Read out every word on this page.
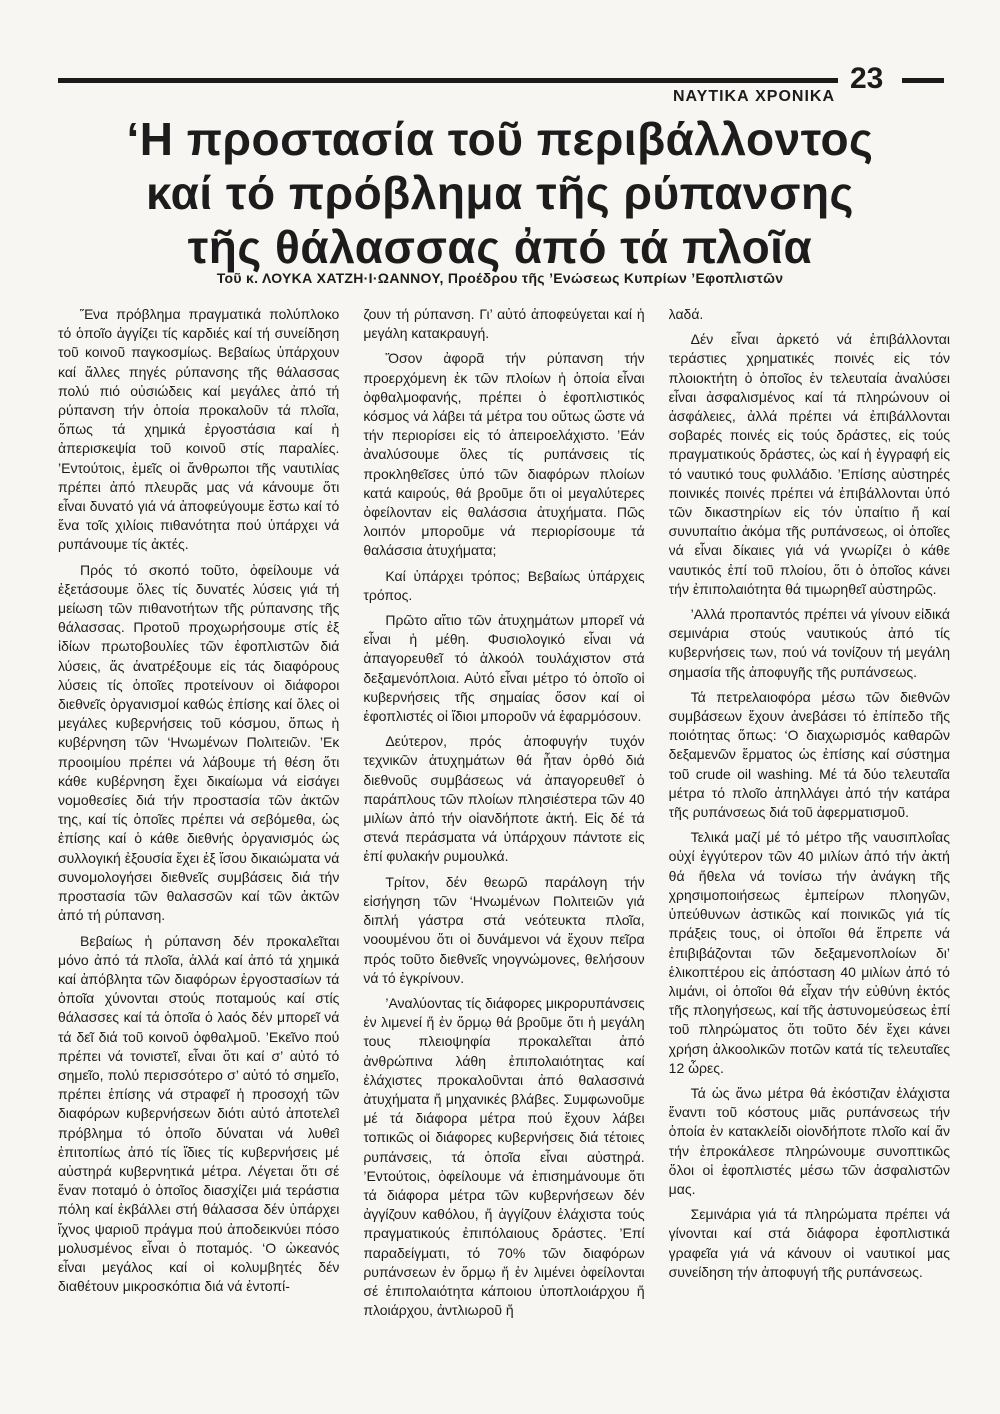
ΝΑΥΤΙΚΑ ΧΡΟΝΙΚΑ
23
‘Η προστασία τοῦ περιβάλλοντος
καί τό πρόβλημα τῆς ρύπανσης
τῆς θάλασσας ἀπό τά πλοῖα
Τοῦ κ. ΛΟΥΚΑ ΧΑΤΖΗ·Ι·ΩΑΝΝΟΥ, Προέδρου τῆς ’Ενώσεως Κυπρίων ’Εφοπλιστῶν

Ἕνα πρόβλημα πραγματικά πολύπλοκο τό ὁποῖο ἀγγίζει τίς καρδιές καί τή συνείδηση τοῦ κοινοῦ παγκοσμίως. Βεβαίως ὑπάρχουν καί ἄλλες πηγές ρύπανσης τῆς θάλασσας πολύ πιό οὐσιώδεις καί μεγάλες ἀπό τή ρύπανση τήν ὁποία προκαλοῦν τά πλοῖα, ὅπως τά χημικά ἐργοστάσια καί ἡ ἀπερισκεψία τοῦ κοινοῦ στίς παραλίες. ’Εντούτοις, ἐμεῖς οἱ ἄνθρωποι τῆς ναυτιλίας πρέπει ἀπό πλευρᾶς μας νά κάνουμε ὅτι εἶναι δυνατό γιά νά ἀποφεύγουμε ἔστω καί τό ἕνα τοῖς χιλίοις πιθανότητα πού ὑπάρχει νά ρυπάνουμε τίς ἀκτές.

Πρός τό σκοπό τοῦτο, ὀφείλουμε νά ἐξετάσουμε ὅλες τίς δυνατές λύσεις γιά τή μείωση τῶν πιθανοτήτων τῆς ρύπανσης τῆς θάλασσας. Προτοῦ προχωρήσουμε στίς ἐξ ἰδίων πρωτοβουλίες τῶν ἐφοπλιστῶν διά λύσεις, ἄς ἀνατρέξουμε εἰς τάς διαφόρους λύσεις τίς ὁποῖες προτείνουν οἱ διάφοροι διεθνεῖς ὀργανισμοί καθώς ἐπίσης καί ὅλες οἱ μεγάλες κυβερνήσεις τοῦ κόσμου, ὅπως ἡ κυβέρνηση τῶν ‘Ηνωμένων Πολιτειῶν. ’Εκ προοιμίου πρέπει νά λάβουμε τή θέση ὅτι κάθε κυβέρνηση ἔχει δικαίωμα νά εἰσάγει νομοθεσίες διά τήν προστασία τῶν ἀκτῶν της, καί τίς ὁποῖες πρέπει νά σεβόμεθα, ὡς ἐπίσης καί ὁ κάθε διεθνής ὀργανισμός ὡς συλλογική ἐξουσία ἔχει ἐξ ἴσου δικαιώματα νά συνομολογήσει διεθνεῖς συμβάσεις διά τήν προστασία τῶν θαλασσῶν καί τῶν ἀκτῶν ἀπό τή ρύπανση.

Βεβαίως ἡ ρύπανση δέν προκαλεῖται μόνο ἀπό τά πλοῖα, ἀλλά καί ἀπό τά χημικά καί ἀπόβλητα τῶν διαφόρων ἐργοστασίων τά ὁποῖα χύνονται στούς ποταμούς καί στίς θάλασσες καί τά ὁποῖα ὁ λαός δέν μπορεῖ νά τά δεῖ διά τοῦ κοινοῦ ὀφθαλμοῦ. ’Εκεῖνο πού πρέπει νά τονιστεῖ, εἶναι ὅτι καί σ’ αὐτό τό σημεῖο, πολύ περισσότερο σ’ αὐτό τό σημεῖο, πρέπει ἐπίσης νά στραφεῖ ἡ προσοχή τῶν διαφόρων κυβερνήσεων διότι αὐτό ἀποτελεῖ πρόβλημα τό ὁποῖο δύναται νά λυθεῖ ἐπιτοπίως ἀπό τίς ἴδιες τίς κυβερνήσεις μέ αὐστηρά κυβερνητικά μέτρα. Λέγεται ὅτι σέ ἕναν ποταμό ὁ ὁποῖος διασχίζει μιά τεράστια πόλη καί ἐκβάλλει στή θάλασσα δέν ὑπάρχει ἴχνος ψαριοῦ πράγμα πού ἀποδεικνύει πόσο μολυσμένος εἶναι ὁ ποταμός. ‘Ο ὠκεανός εἶναι μεγάλος καί οἱ κολυμβητές δέν διαθέτουν μικροσκόπια διά νά ἐντοπί-

ζουν τή ρύπανση. Γι’ αὐτό ἀποφεύγεται καί ἡ μεγάλη κατακραυγή.

Ὅσον ἀφορᾶ τήν ρύπανση τήν προερχόμενη ἐκ τῶν πλοίων ἡ ὁποία εἶναι ὀφθαλμοφανής, πρέπει ὁ ἐφοπλιστικός κόσμος νά λάβει τά μέτρα του οὕτως ὥστε νά τήν περιορίσει εἰς τό ἀπειροελάχιστο. ’Εάν ἀναλύσουμε ὅλες τίς ρυπάνσεις τίς προκληθεῖσες ὑπό τῶν διαφόρων πλοίων κατά καιρούς, θά βροῦμε ὅτι οἱ μεγαλύτερες ὀφείλονταν εἰς θαλάσσια ἀτυχήματα. Πῶς λοιπόν μποροῦμε νά περιορίσουμε τά θαλάσσια ἀτυχήματα;

Καί ὑπάρχει τρόπος; Βεβαίως ὑπάρχεις τρόπος.

Πρῶτο αἴτιο τῶν ἀτυχημάτων μπορεῖ νά εἶναι ἡ μέθη. Φυσιολογικό εἶναι νά ἀπαγορευθεῖ τό ἀλκοόλ τουλάχιστον στά δεξαμενόπλοια. Αὐτό εἶναι μέτρο τό ὁποῖο οἱ κυβερνήσεις τῆς σημαίας ὅσον καί οἱ ἐφοπλιστές οἱ ἴδιοι μποροῦν νά ἐφαρμόσουν.

Δεύτερον, πρός ἀποφυγήν τυχόν τεχνικῶν ἀτυχημάτων θά ἦταν ὀρθό διά διεθνοῦς συμβάσεως νά ἀπαγορευθεῖ ὁ παράπλους τῶν πλοίων πλησιέστερα τῶν 40 μιλίων ἀπό τήν οἱανδήποτε ἀκτή. Εἰς δέ τά στενά περάσματα νά ὑπάρχουν πάντοτε εἰς ἐπί φυλακήν ρυμουλκά.

Τρίτον, δέν θεωρῶ παράλογη τήν εἰσήγηση τῶν ‘Ηνωμένων Πολιτειῶν γιά διπλή γάστρα στά νεότευκτα πλοῖα, νοουμένου ὅτι οἱ δυνάμενοι νά ἔχουν πεῖρα πρός τοῦτο διεθνεῖς νηογνώμονες, θελήσουν νά τό ἐγκρίνουν.

’Αναλύοντας τίς διάφορες μικρορυπάνσεις ἐν λιμενεί ἤ ἐν ὅρμῳ θά βροῦμε ὅτι ἡ μεγάλη τους πλειοψηφία προκαλεῖται ἀπό ἀνθρώπινα λάθη ἐπιπολαιότητας καί ἐλάχιστες προκαλοῦνται ἀπό θαλασσινά ἀτυχήματα ἤ μηχανικές βλάβες. Συμφωνοῦμε μέ τά διάφορα μέτρα πού ἔχουν λάβει τοπικῶς οἱ διάφορες κυβερνήσεις διά τέτοιες ρυπάνσεις, τά ὁποῖα εἶναι αὐστηρά. ’Εντούτοις, ὀφείλουμε νά ἐπισημάνουμε ὅτι τά διάφορα μέτρα τῶν κυβερνήσεων δέν ἀγγίζουν καθόλου, ἤ ἀγγίζουν ἐλάχιστα τούς πραγματικούς ἐπιπόλαιους δράστες. ’Επί παραδείγματι, τό 70% τῶν διαφόρων ρυπάνσεων ἐν ὅρμῳ ἤ ἐν λιμένει ὀφείλονται σέ ἐπιπολαιότητα κάποιου ὑποπλοιάρχου ἤ πλοιάρχου, ἀντλιωροῦ ἤ

λαδά.

Δέν εἶναι ἀρκετό νά ἐπιβάλλονται τεράστιες χρηματικές ποινές εἰς τόν πλοιοκτήτη ὁ ὁποῖος ἐν τελευταία ἀναλύσει εἶναι ἀσφαλισμένος καί τά πληρώνουν οἱ ἀσφάλειες, ἀλλά πρέπει νά ἐπιβάλλονται σοβαρές ποινές εἰς τούς δράστες, εἰς τούς πραγματικούς δράστες, ὡς καί ἡ ἐγγραφή εἰς τό ναυτικό τους φυλλάδιο. ’Επίσης αὐστηρές ποινικές ποινές πρέπει νά ἐπιβάλλονται ὑπό τῶν δικαστηρίων εἰς τόν ὑπαίτιο ἤ καί συνυπαίτιο ἀκόμα τῆς ρυπάνσεως, οἱ ὁποῖες νά εἶναι δίκαιες γιά νά γνωρίζει ὁ κάθε ναυτικός ἐπί τοῦ πλοίου, ὅτι ὁ ὁποῖος κάνει τήν ἐπιπολαιότητα θά τιμωρηθεῖ αὐστηρῶς.

’Αλλά προπαντός πρέπει νά γίνουν εἰδικά σεμινάρια στούς ναυτικούς ἀπό τίς κυβερνήσεις των, πού νά τονίζουν τή μεγάλη σημασία τῆς ἀποφυγῆς τῆς ρυπάνσεως.

Τά πετρελαιοφόρα μέσω τῶν διεθνῶν συμβάσεων ἔχουν ἀνεβάσει τό ἐπίπεδο τῆς ποιότητας ὅπως: ‘Ο διαχωρισμός καθαρῶν δεξαμενῶν ἕρματος ὡς ἐπίσης καί σύστημα τοῦ crude oil washing. Μέ τά δύο τελευταῖα μέτρα τό πλοῖο ἀπηλλάγει ἀπό τήν κατάρα τῆς ρυπάνσεως διά τοῦ ἀφερματισμοῦ.

Τελικά μαζί μέ τό μέτρο τῆς ναυσιπλοΐας οὐχί ἐγγύτερον τῶν 40 μιλίων ἀπό τήν ἀκτή θά ἤθελα νά τονίσω τήν ἀνάγκη τῆς χρησιμοποιήσεως ἐμπείρων πλοηγῶν, ὑπεύθυνων ἀστικῶς καί ποινικῶς γιά τίς πράξεις τους, οἱ ὁποῖοι θά ἔπρεπε νά ἐπιβιβάζονται τῶν δεξαμενοπλοίων δι’ ἑλικοπτέρου εἰς ἀπόσταση 40 μιλίων ἀπό τό λιμάνι, οἱ ὁποῖοι θά εἶχαν τήν εὐθύνη ἐκτός τῆς πλοηγήσεως, καί τῆς ἀστυνομεύσεως ἐπί τοῦ πληρώματος ὅτι τοῦτο δέν ἔχει κάνει χρήση ἀλκοολικῶν ποτῶν κατά τίς τελευταῖες 12 ὧρες.

Τά ὡς ἄνω μέτρα θά ἐκόστιζαν ἐλάχιστα ἔναντι τοῦ κόστους μιᾶς ρυπάνσεως τήν ὁποία ἐν κατακλείδι οἱονδήποτε πλοῖο καί ἄν τήν ἐπροκάλεσε πληρώνουμε συνοπτικῶς ὅλοι οἱ ἐφοπλιστές μέσω τῶν ἀσφαλιστῶν μας.

Σεμινάρια γιά τά πληρώματα πρέπει νά γίνονται καί στά διάφορα ἐφοπλιστικά γραφεῖα γιά νά κάνουν οἱ ναυτικοί μας συνείδηση τήν ἀποφυγή τῆς ρυπάνσεως.
